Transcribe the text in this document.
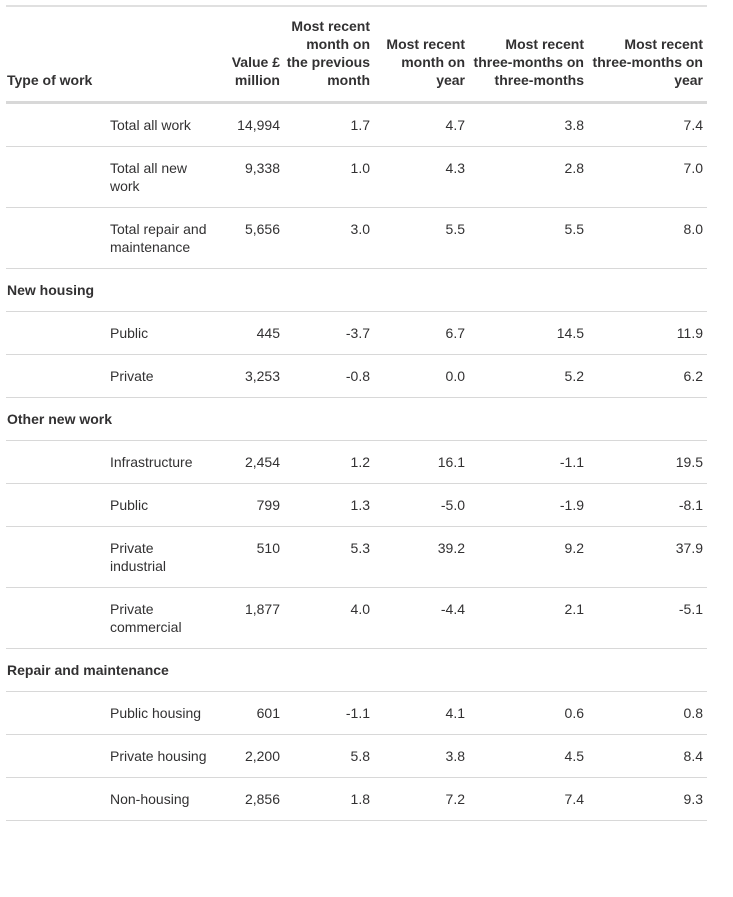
Type of work		Value £ million	Most recent month on the previous month	Most recent month on year	Most recent three-months on three-months	Most recent three-months on year
	Total all work	14,994	1.7	4.7	3.8	7.4
	Total all new work	9,338	1.0	4.3	2.8	7.0
	Total repair and maintenance	5,656	3.0	5.5	5.5	8.0
New housing						
	Public	445	-3.7	6.7	14.5	11.9
	Private	3,253	-0.8	0.0	5.2	6.2
Other new work						
	Infrastructure	2,454	1.2	16.1	-1.1	19.5
	Public	799	1.3	-5.0	-1.9	-8.1
	Private industrial	510	5.3	39.2	9.2	37.9
	Private commercial	1,877	4.0	-4.4	2.1	-5.1
Repair and maintenance						
	Public housing	601	-1.1	4.1	0.6	0.8
	Private housing	2,200	5.8	3.8	4.5	8.4
	Non-housing	2,856	1.8	7.2	7.4	9.3
